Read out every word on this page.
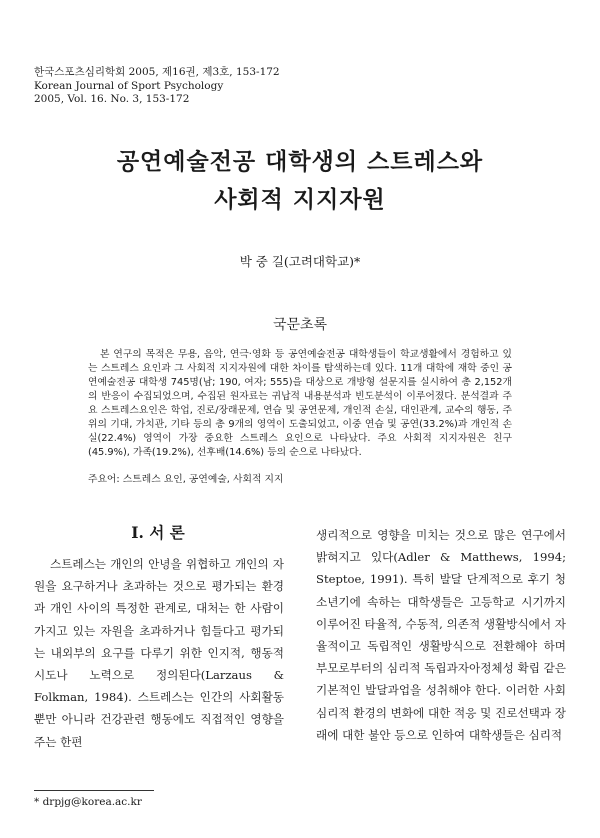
한국스포츠심리학회 2005, 제16권, 제3호, 153-172
Korean Journal of Sport Psychology
2005, Vol. 16. No. 3, 153-172
공연예술전공 대학생의 스트레스와
사회적 지지자원
박 중 길(고려대학교)*
국문초록
본 연구의 목적은 무용, 음악, 연극·영화 등 공연예술전공 대학생들이 학교생활에서 경험하고 있는 스트레스 요인과 그 사회적 지지자원에 대한 차이를 탐색하는데 있다. 11개 대학에 재학 중인 공연예술전공 대학생 745명(남; 190, 여자; 555)을 대상으로 개방형 설문지를 실시하여 총 2,152개의 반응이 수집되었으며, 수집된 원자료는 귀납적 내용분석과 빈도분석이 이루어졌다. 분석결과 주요 스트레스요인은 학업, 진로/장래문제, 연습 및 공연문제, 개인적 손실, 대인관계, 교수의 행동, 주위의 기대, 가치관, 기타 등의 총 9개의 영역이 도출되었고, 이중 연습 및 공연(33.2%)과 개인적 손실(22.4%) 영역이 가장 중요한 스트레스 요인으로 나타났다. 주요 사회적 지지자원은 친구(45.9%), 가족(19.2%), 선후배(14.6%) 등의 순으로 나타났다.
주요어: 스트레스 요인, 공연예술, 사회적 지지
I. 서 론
스트레스는 개인의 안녕을 위협하고 개인의 자원을 요구하거나 초과하는 것으로 평가되는 환경과 개인 사이의 특정한 관계로, 대처는 한 사람이 가지고 있는 자원을 초과하거나 힘들다고 평가되는 내외부의 요구를 다루기 위한 인지적, 행동적 시도나 노력으로 정의된다(Larzaus & Folkman, 1984). 스트레스는 인간의 사회활동뿐만 아니라 건강관련 행동에도 직접적인 영향을 주는 한편
생리적으로 영향을 미치는 것으로 많은 연구에서 밝혀지고 있다(Adler & Matthews, 1994; Steptoe, 1991). 특히 발달 단계적으로 후기 청소년기에 속하는 대학생들은 고등학교 시기까지 이루어진 타율적, 수동적, 의존적 생활방식에서 자율적이고 독립적인 생활방식으로 전환해야 하며 부모로부터의 심리적 독립과자아정체성 확립 같은 기본적인 발달과업을 성취해야 한다. 이러한 사회 심리적 환경의 변화에 대한 적응 및 진로선택과 장래에 대한 불안 등으로 인하여 대학생들은 심리적
* drpjg@korea.ac.kr
